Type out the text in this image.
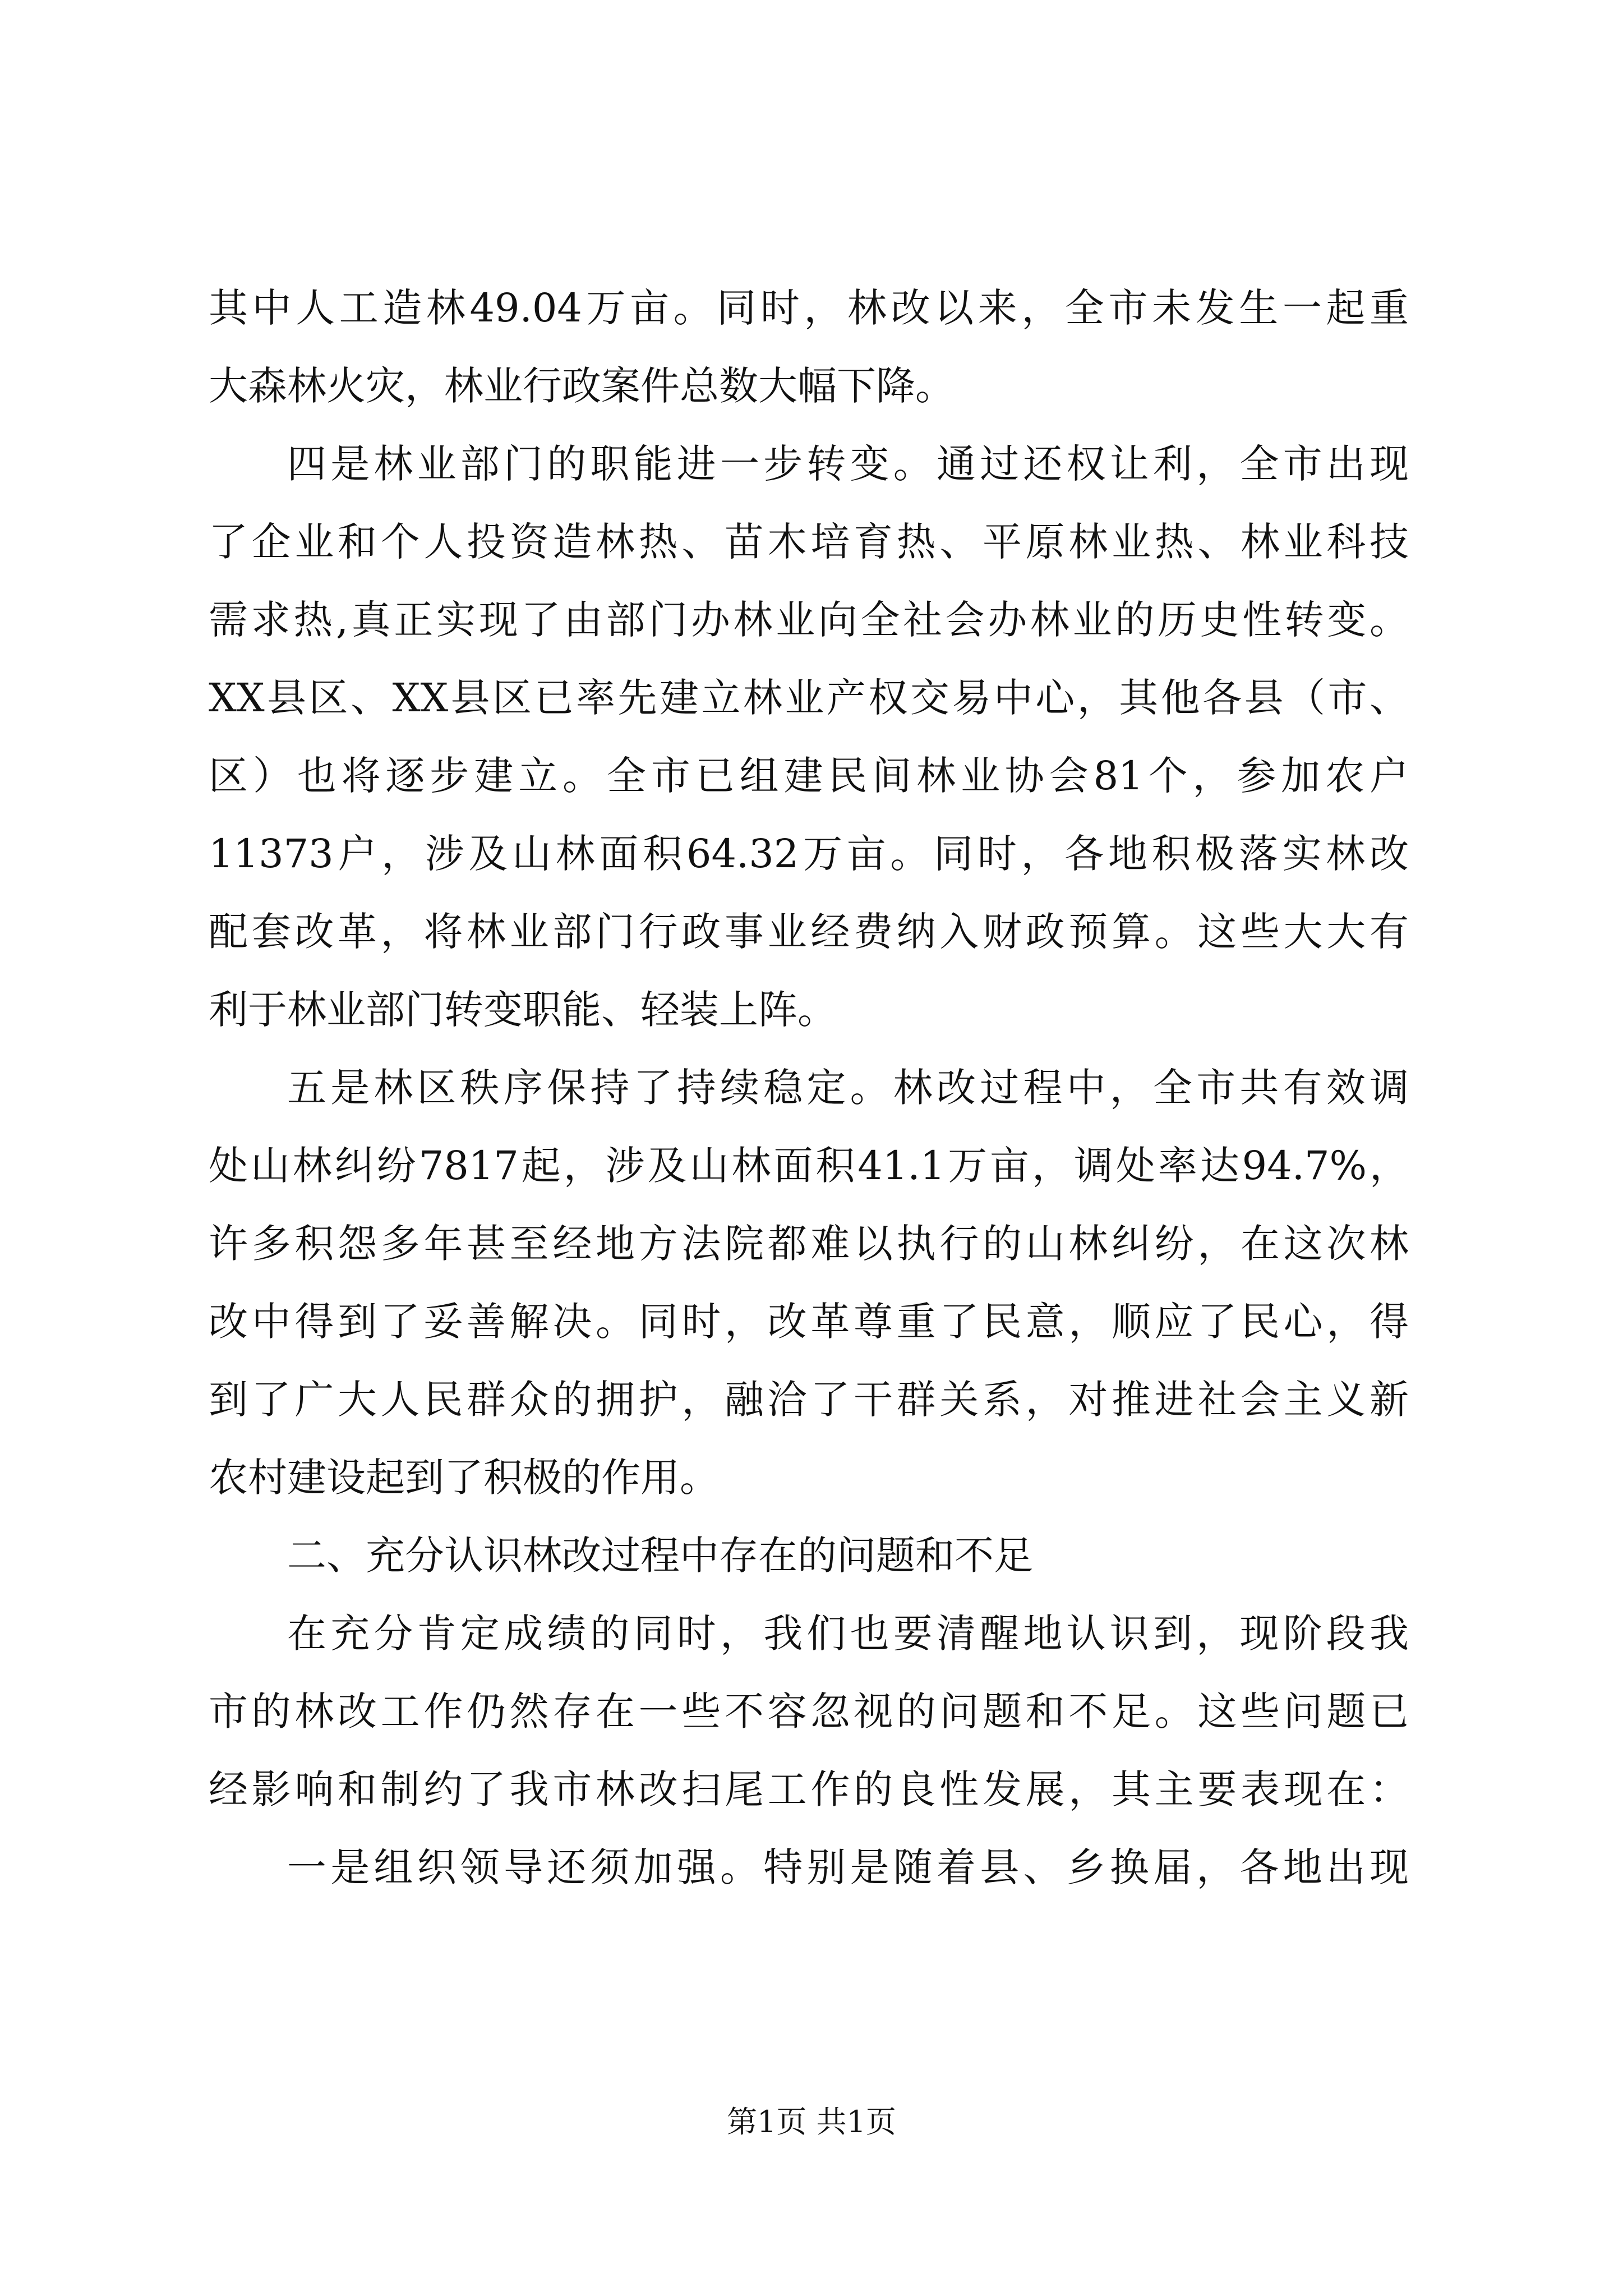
其中人工造林49.04万亩。同时，林改以来，全市未发生一起重
大森林火灾，林业行政案件总数大幅下降。
四是林业部门的职能进一步转变。通过还权让利，全市出现
了企业和个人投资造林热、苗木培育热、平原林业热、林业科技
需求热,真正实现了由部门办林业向全社会办林业的历史性转变。
XX县区、XX县区已率先建立林业产权交易中心，其他各县（市、
区）也将逐步建立。全市已组建民间林业协会81个，参加农户
11373户，涉及山林面积64.32万亩。同时，各地积极落实林改
配套改革，将林业部门行政事业经费纳入财政预算。这些大大有
利于林业部门转变职能、轻装上阵。
五是林区秩序保持了持续稳定。林改过程中，全市共有效调
处山林纠纷7817起，涉及山林面积41.1万亩，调处率达94.7%，
许多积怨多年甚至经地方法院都难以执行的山林纠纷，在这次林
改中得到了妥善解决。同时，改革尊重了民意，顺应了民心，得
到了广大人民群众的拥护，融洽了干群关系，对推进社会主义新
农村建设起到了积极的作用。
二、充分认识林改过程中存在的问题和不足
在充分肯定成绩的同时，我们也要清醒地认识到，现阶段我
市的林改工作仍然存在一些不容忽视的问题和不足。这些问题已
经影响和制约了我市林改扫尾工作的良性发展，其主要表现在：
一是组织领导还须加强。特别是随着县、乡换届，各地出现
第1页 共1页
